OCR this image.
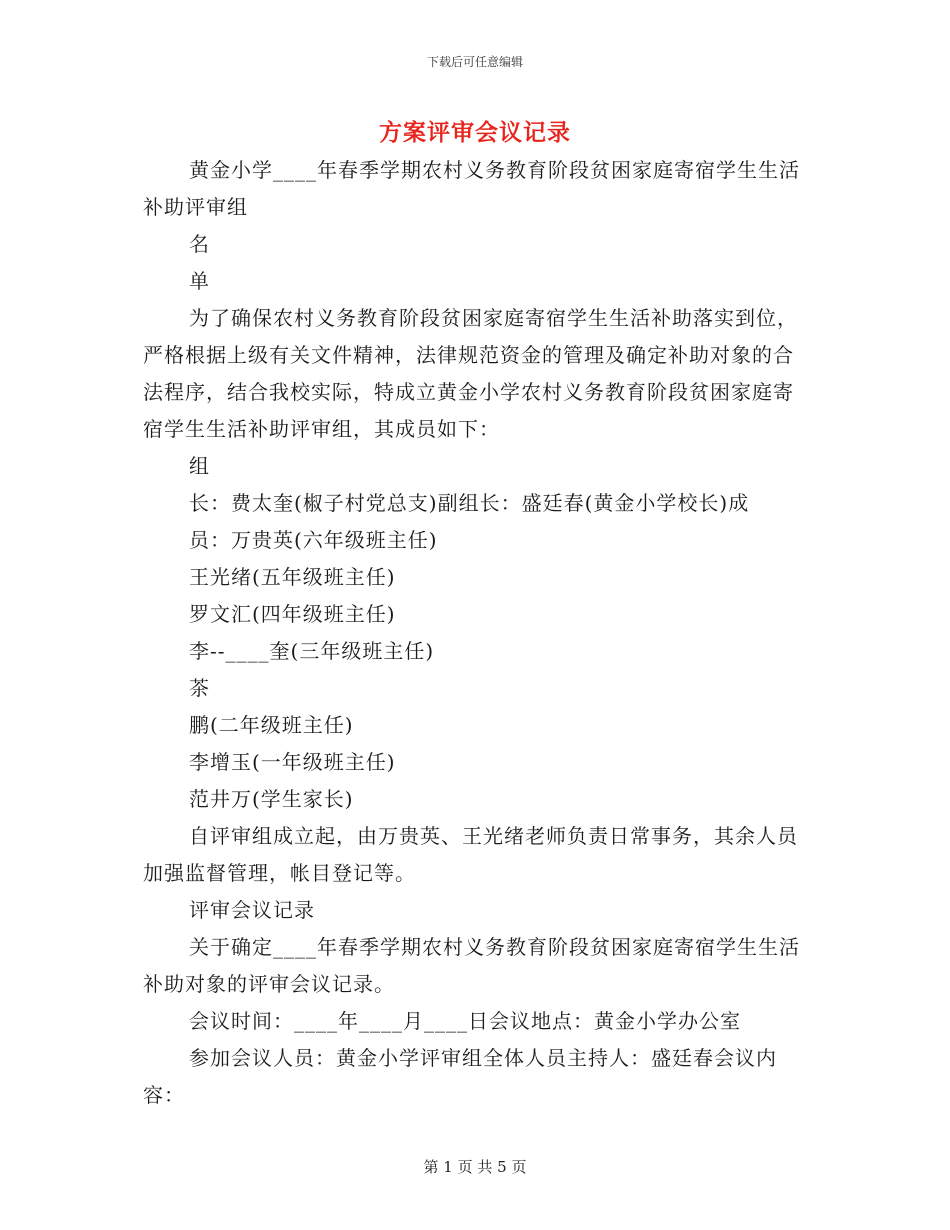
下载后可任意编辑
方案评审会议记录

黄金小学____年春季学期农村义务教育阶段贫困家庭寄宿学生生活补助评审组

名

单

为了确保农村义务教育阶段贫困家庭寄宿学生生活补助落实到位，严格根据上级有关文件精神，法律规范资金的管理及确定补助对象的合法程序，结合我校实际，特成立黄金小学农村义务教育阶段贫困家庭寄宿学生生活补助评审组，其成员如下：

组

长：费太奎(椒子村党总支)副组长：盛廷春(黄金小学校长)成

员：万贵英(六年级班主任)

王光绪(五年级班主任)

罗文汇(四年级班主任)

李--____奎(三年级班主任)

茶

鹏(二年级班主任)

李增玉(一年级班主任)

范井万(学生家长)

自评审组成立起，由万贵英、王光绪老师负责日常事务，其余人员加强监督管理，帐目登记等。

评审会议记录

关于确定____年春季学期农村义务教育阶段贫困家庭寄宿学生生活补助对象的评审会议记录。

会议时间：____年____月____日会议地点：黄金小学办公室

参加会议人员：黄金小学评审组全体人员主持人：盛廷春会议内容：

第 1 页 共 5 页
